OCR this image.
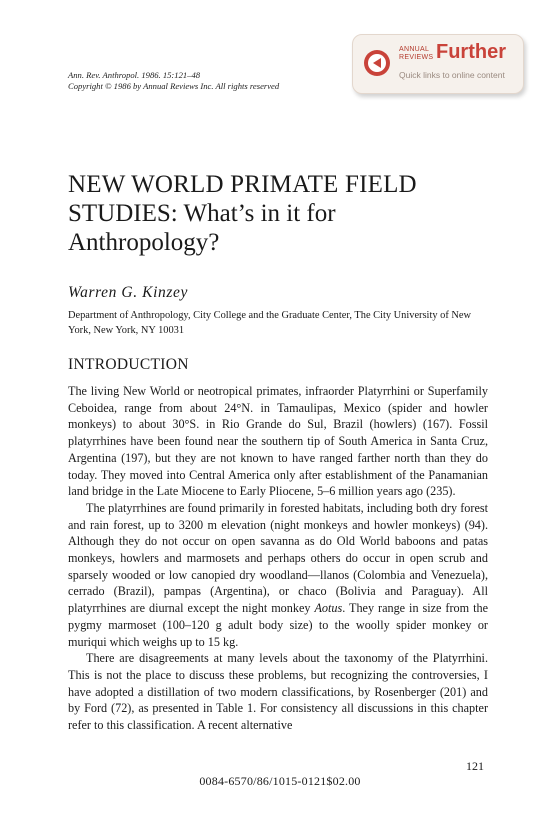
Ann. Rev. Anthropol. 1986. 15:121–48
Copyright © 1986 by Annual Reviews Inc. All rights reserved
ANNUAL
REVIEWS Further
Quick links to online content
NEW WORLD PRIMATE FIELD
STUDIES: What’s in it for
Anthropology?
Warren G. Kinzey
Department of Anthropology, City College and the Graduate Center, The City University of New York, New York, NY 10031
INTRODUCTION

The living New World or neotropical primates, infraorder Platyrrhini or Superfamily Ceboidea, range from about 24°N. in Tamaulipas, Mexico (spider and howler monkeys) to about 30°S. in Rio Grande do Sul, Brazil (howlers) (167). Fossil platyrrhines have been found near the southern tip of South America in Santa Cruz, Argentina (197), but they are not known to have ranged farther north than they do today. They moved into Central America only after establishment of the Panamanian land bridge in the Late Miocene to Early Pliocene, 5–6 million years ago (235).

The platyrrhines are found primarily in forested habitats, including both dry forest and rain forest, up to 3200 m elevation (night monkeys and howler monkeys) (94). Although they do not occur on open savanna as do Old World baboons and patas monkeys, howlers and marmosets and perhaps others do occur in open scrub and sparsely wooded or low canopied dry woodland—llanos (Colombia and Venezuela), cerrado (Brazil), pampas (Argentina), or chaco (Bolivia and Paraguay). All platyrrhines are diurnal except the night monkey Aotus. They range in size from the pygmy marmoset (100–120 g adult body size) to the woolly spider monkey or muriqui which weighs up to 15 kg.

There are disagreements at many levels about the taxonomy of the Platyrrhini. This is not the place to discuss these problems, but recognizing the controversies, I have adopted a distillation of two modern classifications, by Rosenberger (201) and by Ford (72), as presented in Table 1. For consistency all discussions in this chapter refer to this classification. A recent alternative

121
0084-6570/86/1015-0121$02.00
